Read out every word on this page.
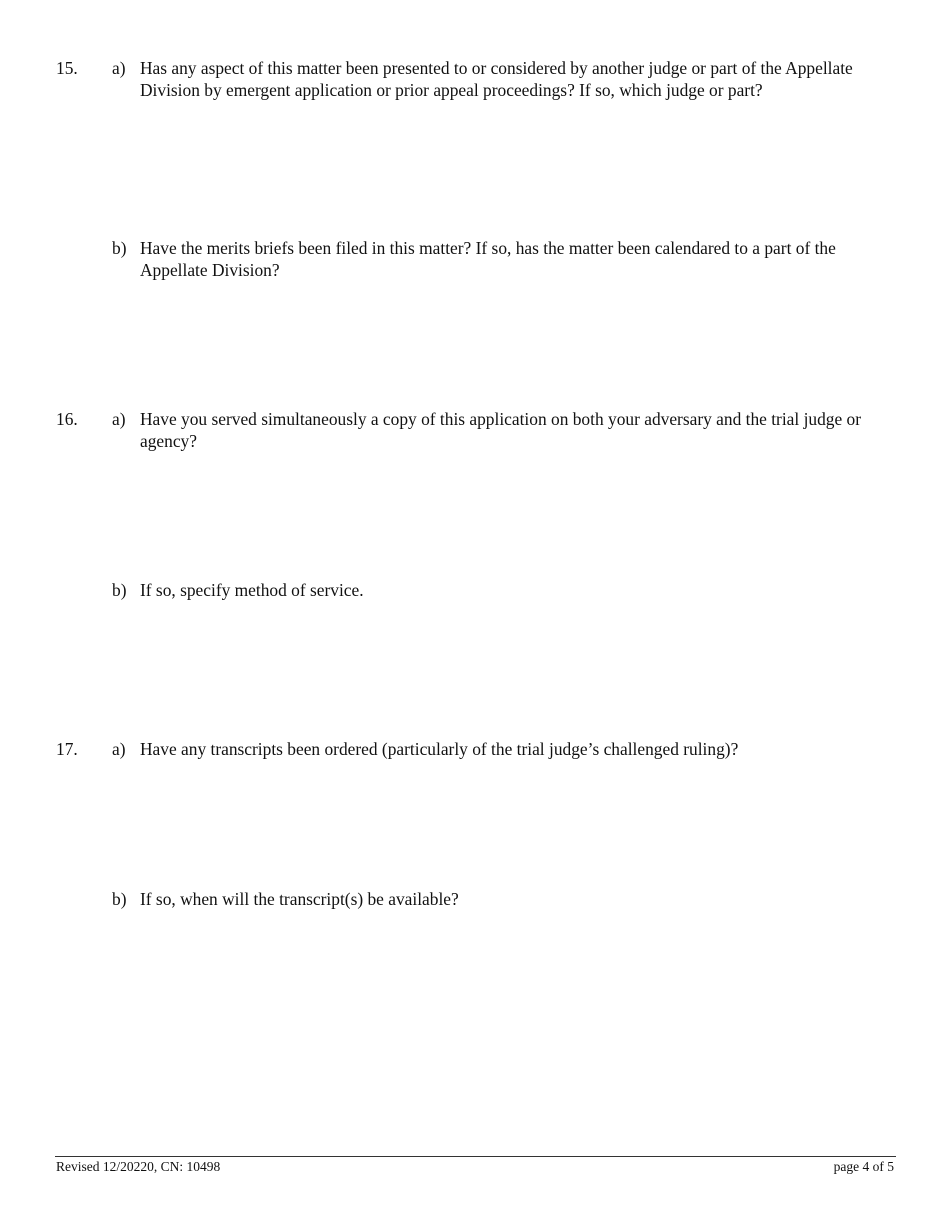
15. a) Has any aspect of this matter been presented to or considered by another judge or part of the Appellate Division by emergent application or prior appeal proceedings? If so, which judge or part?
b) Have the merits briefs been filed in this matter? If so, has the matter been calendared to a part of the Appellate Division?
16. a) Have you served simultaneously a copy of this application on both your adversary and the trial judge or agency?
b) If so, specify method of service.
17. a) Have any transcripts been ordered (particularly of the trial judge’s challenged ruling)?
b) If so, when will the transcript(s) be available?
Revised 12/20220, CN: 10498	page 4 of 5
